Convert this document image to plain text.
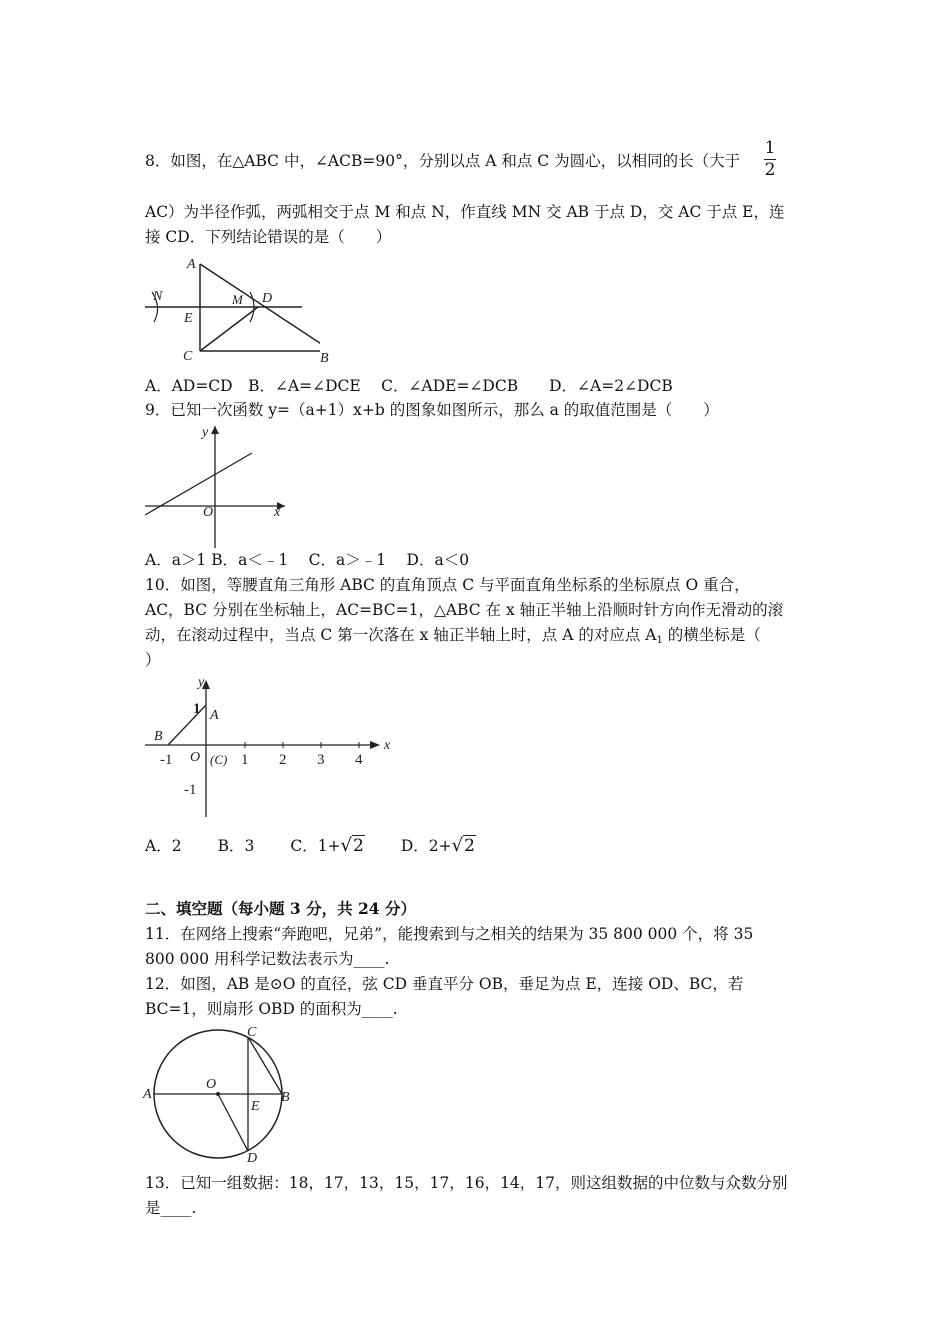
8．如图，在△ABC 中，∠ACB=90°，分别以点 A 和点 C 为圆心，以相同的长（大于
1
2
AC）为半径作弧，两弧相交于点 M 和点 N，作直线 MN 交 AB 于点 D，交 AC 于点 E，连
接 CD．下列结论错误的是（　　）
A
N
E
M D
C	B
A．AD=CD　B．∠A=∠DCE　 C．∠ADE=∠DCB　　D．∠A=2∠DCB
9．已知一次函数 y=（a+1）x+b 的图象如图所示，那么 a 的取值范围是（　　）
y
x
O
A．a＞1 B．a＜﹣1　 C．a＞﹣1　 D．a＜0
10．如图，等腰直角三角形 ABC 的直角顶点 C 与平面直角坐标系的坐标原点 O 重合，
AC，BC 分别在坐标轴上，AC=BC=1，△ABC 在 x 轴正半轴上沿顺时针方向作无滑动的滚
动，在滚动过程中，当点 C 第一次落在 x 轴正半轴上时，点 A 的对应点 $A_1$ 的横坐标是（
）
y
x
1 A
B
O (C)
-1	1 2 3 4
-1
A．2 B．3 C．1+√2 D．2+√2
二、填空题（每小题 3 分，共 24 分）
11．在网络上搜索“奔跑吧，兄弟”，能搜索到与之相关的结果为 35 800 000 个，将 35
800 000 用科学记数法表示为____.
12．如图，AB 是⊙O 的直径，弦 CD 垂直平分 OB，垂足为点 E，连接 OD、BC，若
BC=1，则扇形 OBD 的面积为____.
A
O
C
B
E
D
13．已知一组数据：18，17，13，15，17，16，14，17，则这组数据的中位数与众数分别
是____.
